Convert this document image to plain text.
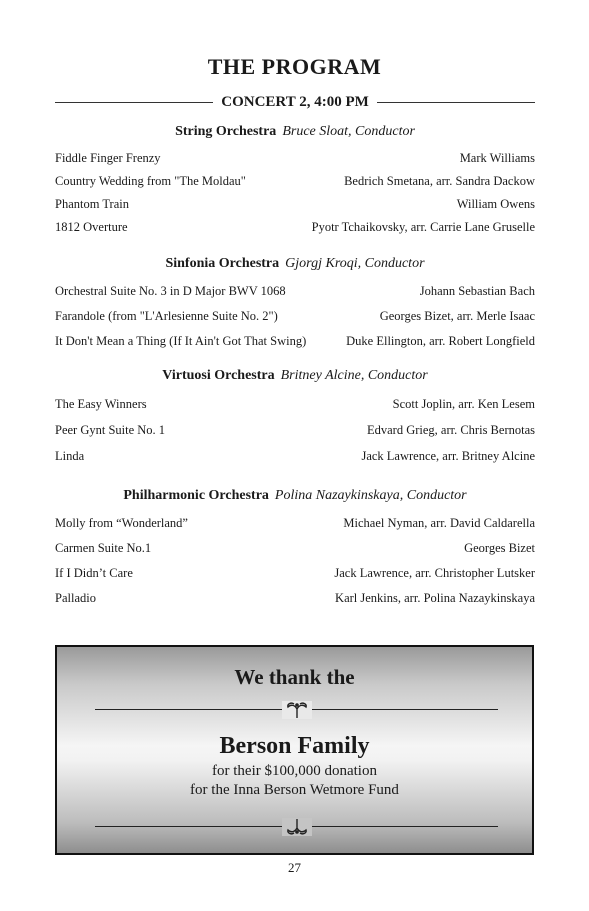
THE PROGRAM
CONCERT 2, 4:00 PM
String Orchestra Bruce Sloat, Conductor
Fiddle Finger Frenzy	Mark Williams
Country Wedding from "The Moldau"	Bedrich Smetana, arr. Sandra Dackow
Phantom Train	William Owens
1812 Overture	Pyotr Tchaikovsky, arr. Carrie Lane Gruselle
Sinfonia Orchestra Gjorgj Kroqi, Conductor
Orchestral Suite No. 3 in D Major BWV 1068	Johann Sebastian Bach
Farandole (from "L'Arlesienne Suite No. 2")	Georges Bizet, arr. Merle Isaac
It Don't Mean a Thing (If It Ain't Got That Swing)	Duke Ellington, arr. Robert Longfield
Virtuosi Orchestra Britney Alcine, Conductor
The Easy Winners	Scott Joplin, arr. Ken Lesem
Peer Gynt Suite No. 1	Edvard Grieg, arr. Chris Bernotas
Linda	Jack Lawrence, arr. Britney Alcine
Philharmonic Orchestra Polina Nazaykinskaya, Conductor
Molly from “Wonderland”	Michael Nyman, arr. David Caldarella
Carmen Suite No.1	Georges Bizet
If I Didn’t Care	Jack Lawrence, arr. Christopher Lutsker
Palladio	Karl Jenkins, arr. Polina Nazaykinskaya
We thank the
Berson Family
for their $100,000 donation
for the Inna Berson Wetmore Fund
27
